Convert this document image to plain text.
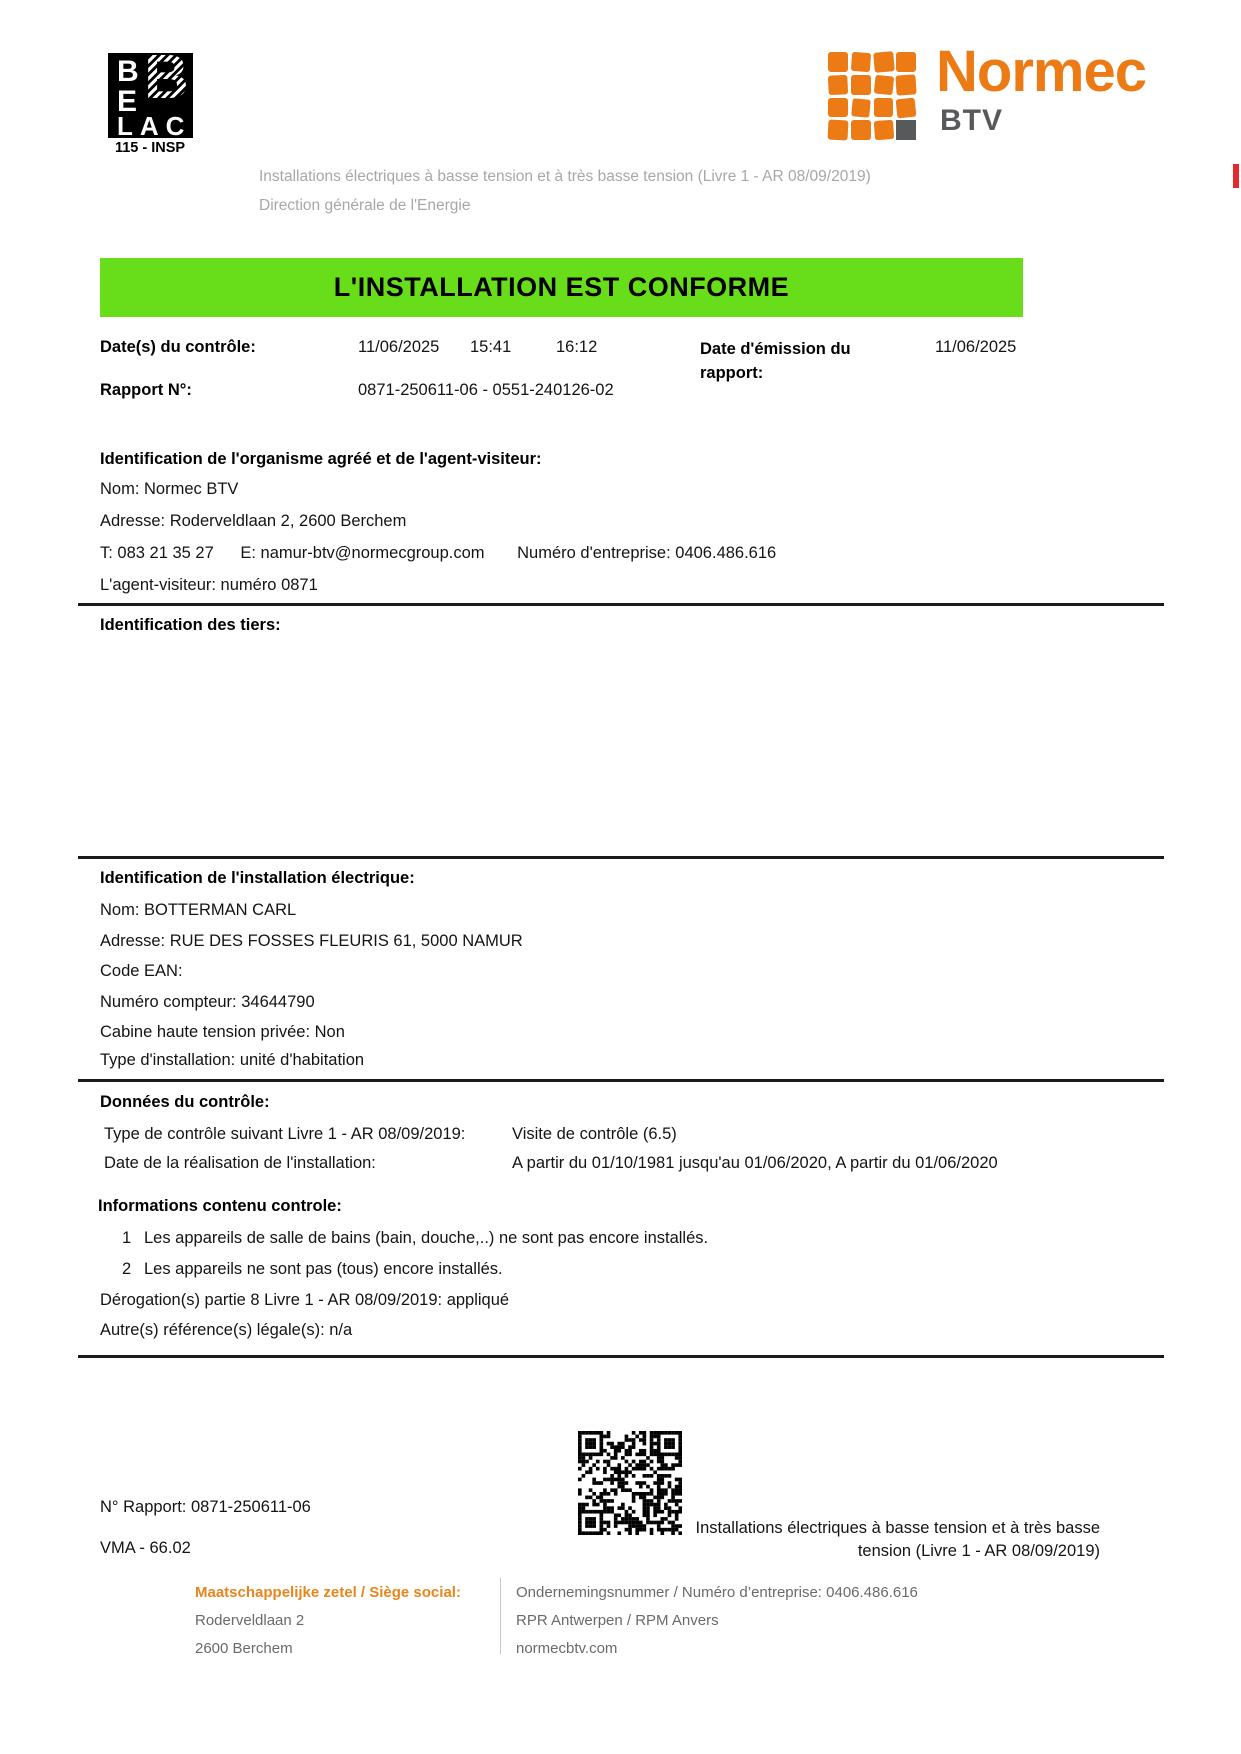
B B
E
LAC
115 - INSP
Normec
BTV
Installations électriques à basse tension et à très basse tension (Livre 1 - AR 08/09/2019)
Direction générale de l'Energie
L'INSTALLATION EST CONFORME
Date(s) du contrôle:	11/06/2025 15:41	16:12	Date d'émission du rapport:
11/06/2025
Rapport N°:	0871-250611-06 - 0551-240126-02
Identification de l'organisme agréé et de l'agent-visiteur:
Nom: Normec BTV
Adresse: Roderveldlaan 2, 2600 Berchem
T: 083 21 35 27 E: namur-btv@normecgroup.com Numéro d'entreprise: 0406.486.616
L'agent-visiteur: numéro 0871
Identification des tiers:
Identification de l'installation électrique:
Nom: BOTTERMAN CARL
Adresse: RUE DES FOSSES FLEURIS 61, 5000 NAMUR
Code EAN:
Numéro compteur: 34644790
Cabine haute tension privée: Non
Type d'installation: unité d'habitation
Données du contrôle:
Type de contrôle suivant Livre 1 - AR 08/09/2019:	Visite de contrôle (6.5)
Date de la réalisation de l'installation:	A partir du 01/10/1981 jusqu'au 01/06/2020, A partir du 01/06/2020
Informations contenu controle:
1 Les appareils de salle de bains (bain, douche,..) ne sont pas encore installés.
2 Les appareils ne sont pas (tous) encore installés.
Dérogation(s) partie 8 Livre 1 - AR 08/09/2019: appliqué
Autre(s) référence(s) légale(s): n/a
N° Rapport: 0871-250611-06
VMA - 66.02
Installations électriques à basse tension et à très basse tension (Livre 1 - AR 08/09/2019)
Maatschappelijke zetel / Siège social:
Roderveldlaan 2
2600 Berchem
Ondernemingsnummer / Numéro d’entreprise: 0406.486.616
RPR Antwerpen / RPM Anvers
normecbtv.com
